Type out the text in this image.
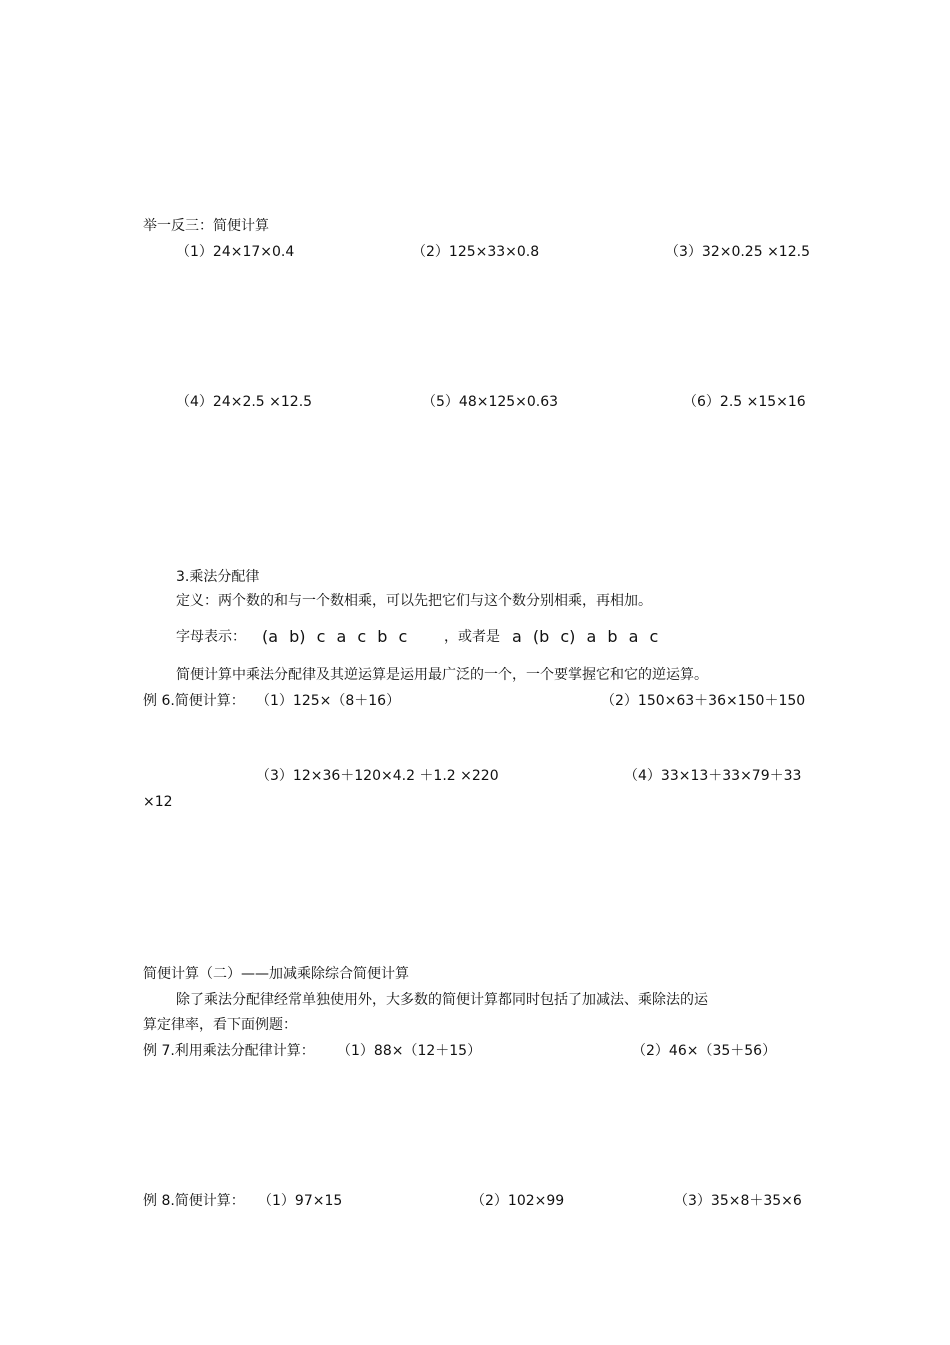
举一反三：简便计算
（1）24×17×0.4	（2）125×33×0.8	（3）32×0.25 ×12.5
（4）24×2.5 ×12.5	（5）48×125×0.63	（6）2.5 ×15×16
3.乘法分配律
定义：两个数的和与一个数相乘，可以先把它们与这个数分别相乘，再相加。
字母表示： (a b) c a c b c	，或者是 a (b c) a b a c
简便计算中乘法分配律及其逆运算是运用最广泛的一个，一个要掌握它和它的逆运算。
例 6.简便计算： （1）125×（8＋16）	（2）150×63＋36×150＋150
（3）12×36＋120×4.2 ＋1.2 ×220	（4）33×13＋33×79＋33
×12
简便计算（二）——加减乘除综合简便计算
除了乘法分配律经常单独使用外，大多数的简便计算都同时包括了加减法、乘除法的运
算定律率，看下面例题：
例 7.利用乘法分配律计算： （1）88×（12＋15）	（2）46×（35＋56）
例 8.简便计算： （1）97×15	（2）102×99	（3）35×8＋35×6
